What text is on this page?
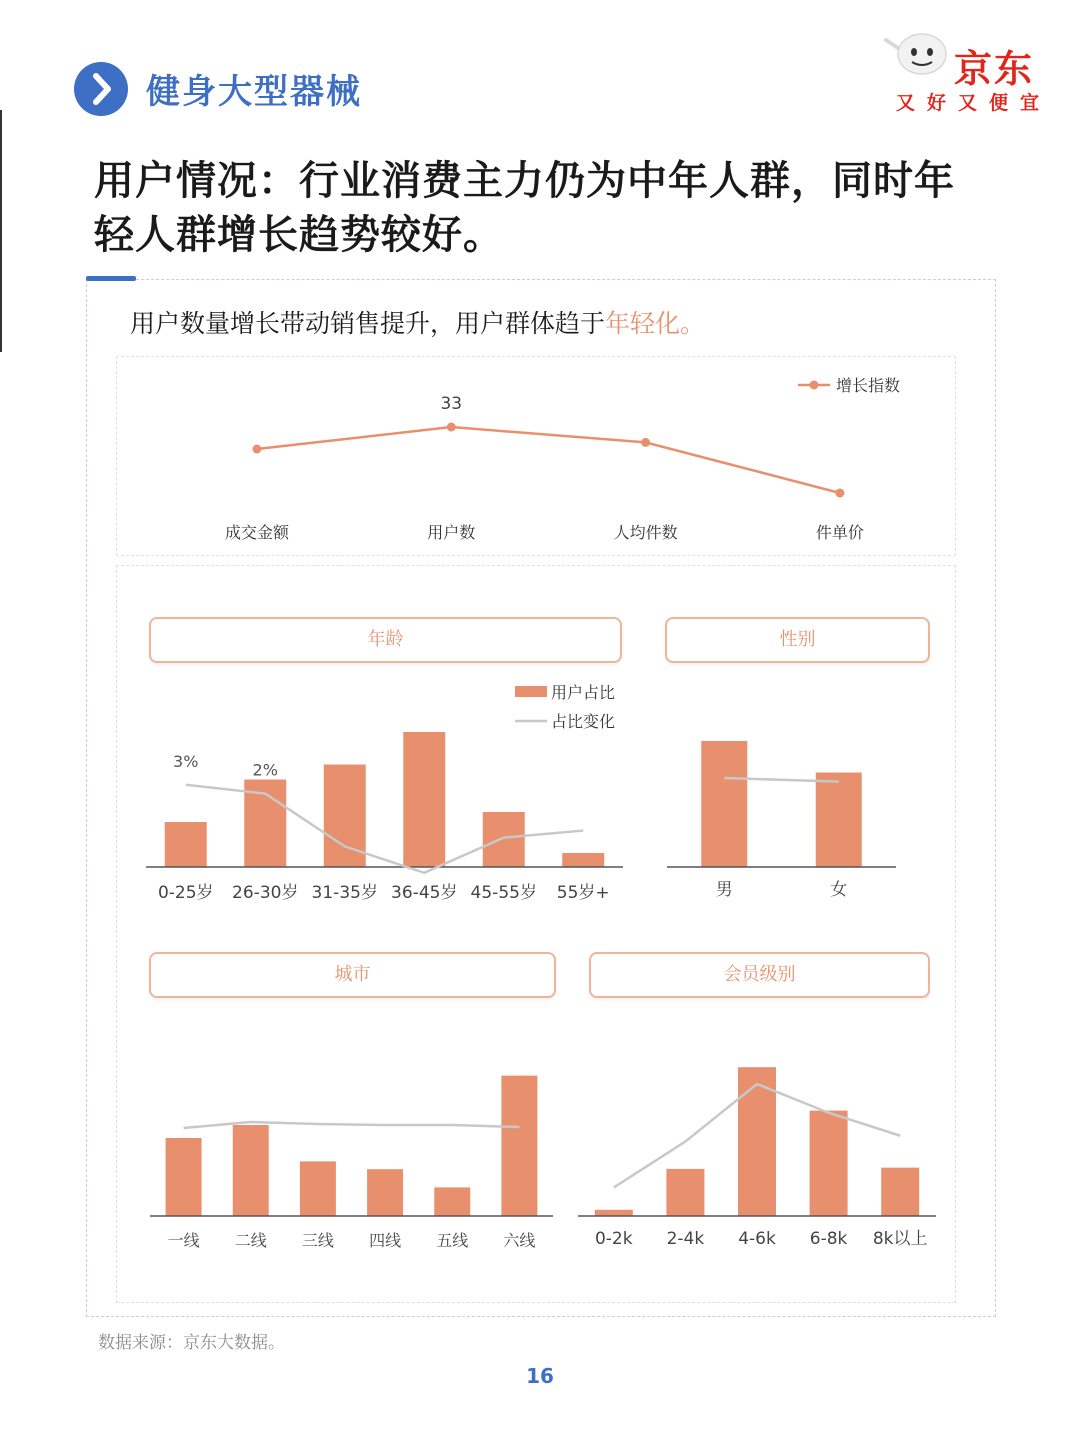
健身大型器械
京东
又好又便宜
用户情况：行业消费主力仍为中年人群，同时年轻人群增长趋势较好。
用户数量增长带动销售提升，用户群体趋于年轻化。
年龄	性别
城市	会员级别
成交金额	用户数	人均件数	件单价
33
增长指数
0-25岁 26-30岁 31-35岁 36-45岁 45-55岁 55岁+
3%	2%
用户占比
占比变化
男	女
一线 二线 三线 四线 五线 六线	0-2k 2-4k 4-6k 6-8k 8k以上
数据来源：京东大数据。
16
